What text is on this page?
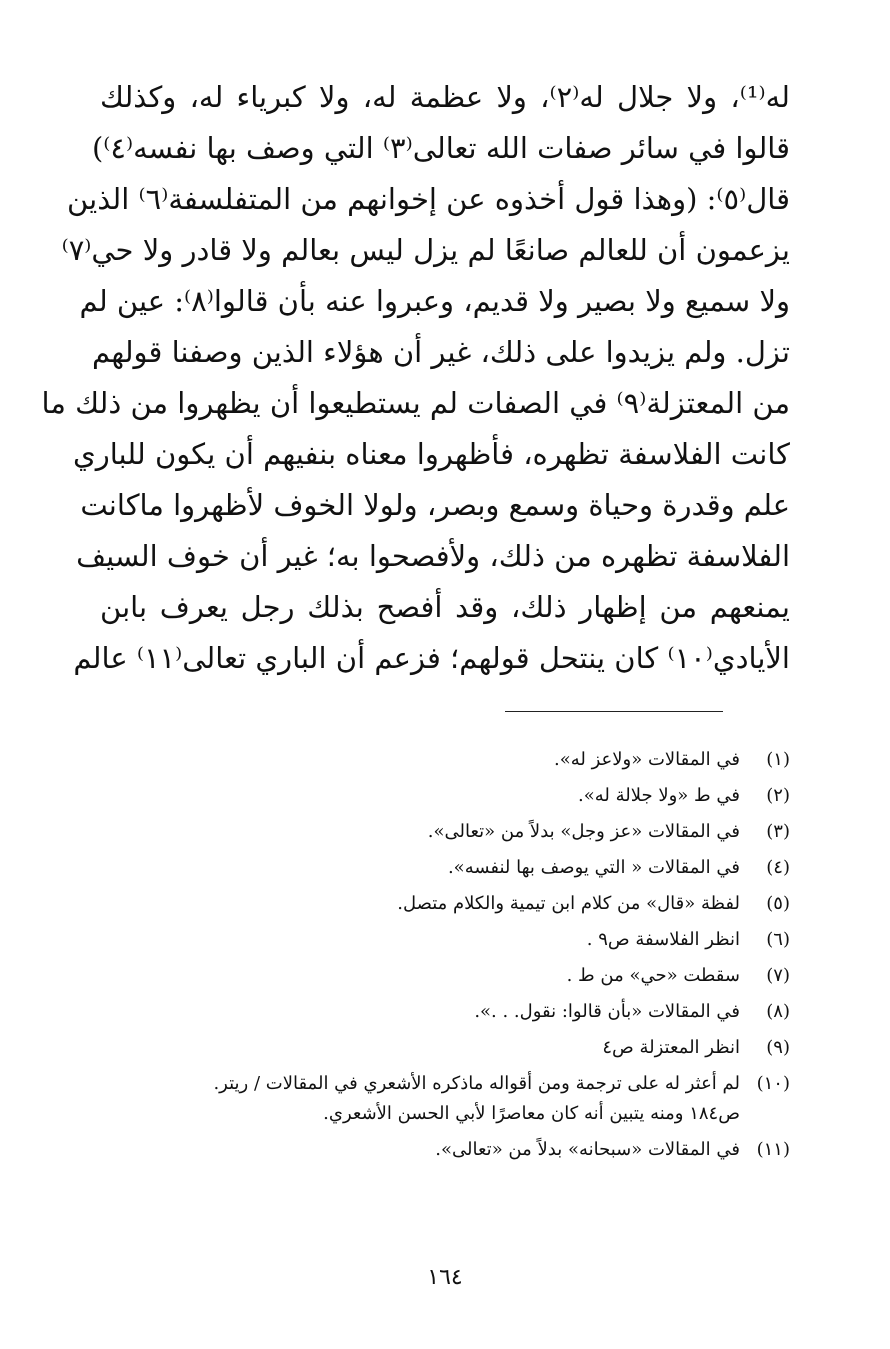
له⁽¹⁾، ولا جلال له⁽٢⁾، ولا عظمة له، ولا كبرياء له، وكذلك
قالوا في سائر صفات الله تعالى⁽٣⁾ التي وصف بها نفسه⁽٤⁾)
قال⁽٥⁾: (وهذا قول أخذوه عن إخوانهم من المتفلسفة⁽٦⁾ الذين
يزعمون أن للعالم صانعًا لم يزل ليس بعالم ولا قادر ولا حي⁽٧⁾
ولا سميع ولا بصير ولا قديم، وعبروا عنه بأن قالوا⁽٨⁾: عين لم
تزل. ولم يزيدوا على ذلك، غير أن هؤلاء الذين وصفنا قولهم
من المعتزلة⁽٩⁾ في الصفات لم يستطيعوا أن يظهروا من ذلك ما
كانت الفلاسفة تظهره، فأظهروا معناه بنفيهم أن يكون للباري
علم وقدرة وحياة وسمع وبصر، ولولا الخوف لأظهروا ماكانت
الفلاسفة تظهره من ذلك، ولأفصحوا به؛ غير أن خوف السيف
يمنعهم من إظهار ذلك، وقد أفصح بذلك رجل يعرف بابن
الأيادي⁽١٠⁾ كان ينتحل قولهم؛ فزعم أن الباري تعالى⁽١١⁾ عالم
(١)
في المقالات «ولاعز له».
(٢)
في ط «ولا جلالة له».
(٣)
في المقالات «عز وجل» بدلاً من «تعالى».
(٤)
في المقالات « التي يوصف بها لنفسه».
(٥)
لفظة «قال» من كلام ابن تيمية والكلام متصل.
(٦)
انظر الفلاسفة ص٩ .
(٧)
سقطت «حي» من ط .
(٨)
في المقالات «بأن قالوا: نقول. . .».
(٩)
انظر المعتزلة ص٤
(١٠)
لم أعثر له على ترجمة ومن أقواله ماذكره الأشعري في المقالات / ريتر.
ص١٨٤ ومنه يتبين أنه كان معاصرًا لأبي الحسن الأشعري.
(١١)
في المقالات «سبحانه» بدلاً من «تعالى».
١٦٤
